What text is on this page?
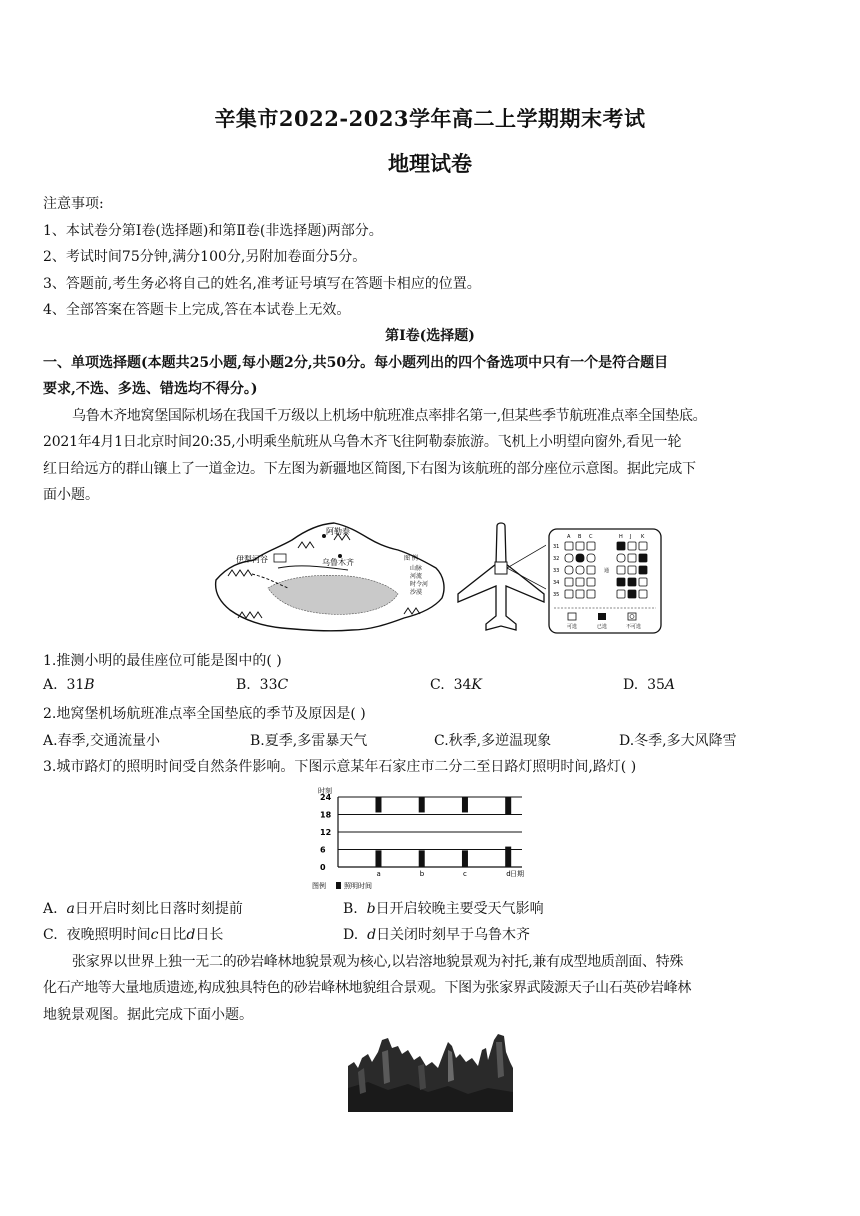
辛集市2022-2023学年高二上学期期末考试
地理试卷
注意事项:
1、本试卷分第Ⅰ卷(选择题)和第Ⅱ卷(非选择题)两部分。
2、考试时间75分钟,满分100分,另附加卷面分5分。
3、答题前,考生务必将自己的姓名,准考证号填写在答题卡相应的位置。
4、全部答案在答题卡上完成,答在本试卷上无效。
第Ⅰ卷(选择题)
一、单项选择题(本题共25小题,每小题2分,共50分。每小题列出的四个备选项中只有一个是符合题目
要求,不选、多选、错选均不得分。)
乌鲁木齐地窝堡国际机场在我国千万级以上机场中航班准点率排名第一,但某些季节航班准点率全国垫底。
2021年4月1日北京时间20:35,小明乘坐航班从乌鲁木齐飞往阿勒泰旅游。飞机上小明望向窗外,看见一轮
红日给远方的群山镶上了一道金边。下左图为新疆地区简图,下右图为该航班的部分座位示意图。据此完成下
面小题。
阿勒泰
伊犁河谷	乌鲁木齐	图 例
山脉
河流
时令河
沙漠
A B C	H J K
31
32
33
34
35
通
可选	已选	不可选
1.推测小明的最佳座位可能是图中的( )
A. 31B	B. 33C	C. 34K	D. 35A
2.地窝堡机场航班准点率全国垫底的季节及原因是( )
A.春季,交通流量小	B.夏季,多雷暴天气	C.秋季,多逆温现象	D.冬季,多大风降雪
3.城市路灯的照明时间受自然条件影响。下图示意某年石家庄市二分二至日路灯照明时间,路灯( )
时刻
0
6
12
18
24
a	b	c	d 日期
图例	照明时间
A. a日开启时刻比日落时刻提前	B. b日开启较晚主要受天气影响
C. 夜晚照明时间c日比d日长	D. d日关闭时刻早于乌鲁木齐
张家界以世界上独一无二的砂岩峰林地貌景观为核心,以岩溶地貌景观为衬托,兼有成型地质剖面、特殊
化石产地等大量地质遗迹,构成独具特色的砂岩峰林地貌组合景观。下图为张家界武陵源天子山石英砂岩峰林
地貌景观图。据此完成下面小题。
